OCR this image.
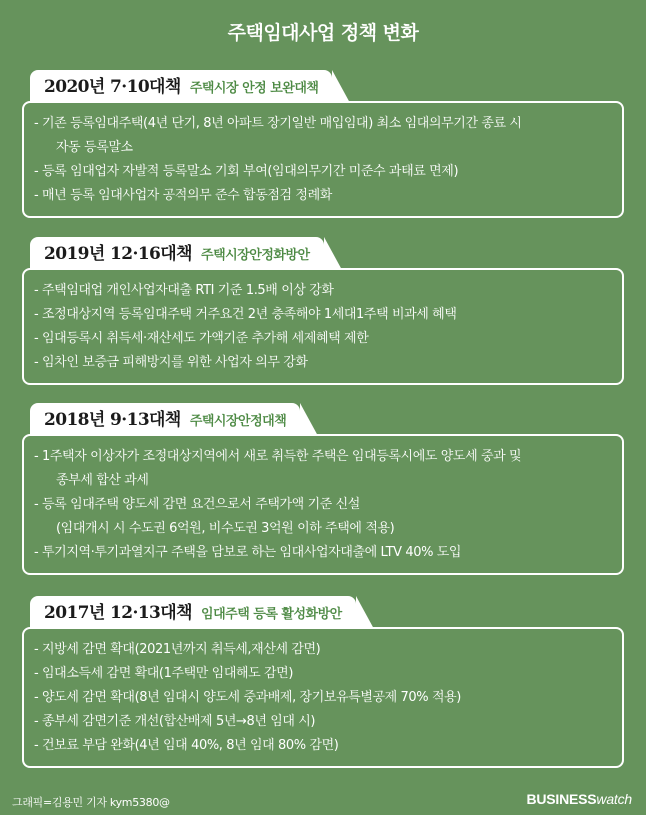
주택임대사업 정책 변화
2020년 7·10대책 주택시장 안정 보완대책
- 기존 등록임대주택(4년 단기, 8년 아파트 장기일반 매입임대) 최소 임대의무기간 종료 시
자동 등록말소
- 등록 임대업자 자발적 등록말소 기회 부여(임대의무기간 미준수 과태료 면제)
- 매년 등록 임대사업자 공적의무 준수 합동점검 정례화
2019년 12·16대책 주택시장안정화방안
- 주택임대업 개인사업자대출 RTI 기준 1.5배 이상 강화
- 조정대상지역 등록임대주택 거주요건 2년 충족해야 1세대1주택 비과세 혜택
- 임대등록시 취득세·재산세도 가액기준 추가해 세제혜택 제한
- 임차인 보증금 피해방지를 위한 사업자 의무 강화
2018년 9·13대책 주택시장안정대책
- 1주택자 이상자가 조정대상지역에서 새로 취득한 주택은 임대등록시에도 양도세 중과 및
종부세 합산 과세
- 등록 임대주택 양도세 감면 요건으로서 주택가액 기준 신설
(임대개시 시 수도권 6억원, 비수도권 3억원 이하 주택에 적용)
- 투기지역·투기과열지구 주택을 담보로 하는 임대사업자대출에 LTV 40% 도입
2017년 12·13대책 임대주택 등록 활성화방안
- 지방세 감면 확대(2021년까지 취득세,재산세 감면)
- 임대소득세 감면 확대(1주택만 임대해도 감면)
- 양도세 감면 확대(8년 임대시 양도세 중과배제, 장기보유특별공제 70% 적용)
- 종부세 감면기준 개선(합산배제 5년→8년 임대 시)
- 건보료 부담 완화(4년 임대 40%, 8년 임대 80% 감면)
그래픽=김용민 기자 kym5380@	BUSINESSwatch
